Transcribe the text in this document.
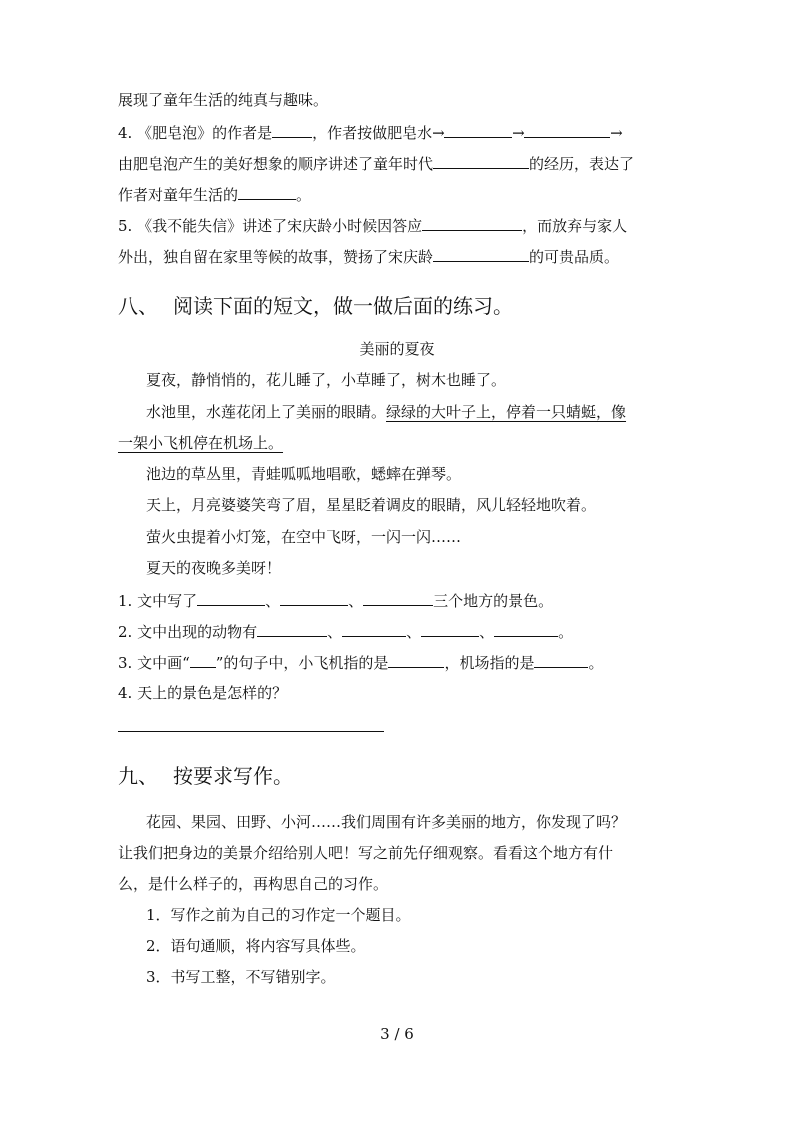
展现了童年生活的纯真与趣味。
4. 《肥皂泡》的作者是	，作者按做肥皂水→	→	→
由肥皂泡产生的美好想象的顺序讲述了童年时代	的经历，表达了
作者对童年生活的	。
5. 《我不能失信》讲述了宋庆龄小时候因答应	，而放弃与家人
外出，独自留在家里等候的故事，赞扬了宋庆龄	的可贵品质。
八、 阅读下面的短文，做一做后面的练习。
美丽的夏夜
夏夜，静悄悄的，花儿睡了，小草睡了，树木也睡了。
水池里，水莲花闭上了美丽的眼睛。绿绿的大叶子上，停着一只蜻蜓，像
一架小飞机停在机场上。
池边的草丛里，青蛙呱呱地唱歌，蟋蟀在弹琴。
天上，月亮婆婆笑弯了眉，星星眨着调皮的眼睛，风儿轻轻地吹着。
萤火虫提着小灯笼，在空中飞呀，一闪一闪……
夏天的夜晚多美呀！
1. 文中写了	、	、	三个地方的景色。
2. 文中出现的动物有	、	、	、	。
3. 文中画“ ”的句子中，小飞机指的是	，机场指的是	。
4. 天上的景色是怎样的？
九、 按要求写作。
花园、果园、田野、小河……我们周围有许多美丽的地方，你发现了吗？
让我们把身边的美景介绍给别人吧！写之前先仔细观察。看看这个地方有什
么，是什么样子的，再构思自己的习作。
1．写作之前为自己的习作定一个题目。
2．语句通顺，将内容写具体些。
3．书写工整，不写错别字。
3 / 6
